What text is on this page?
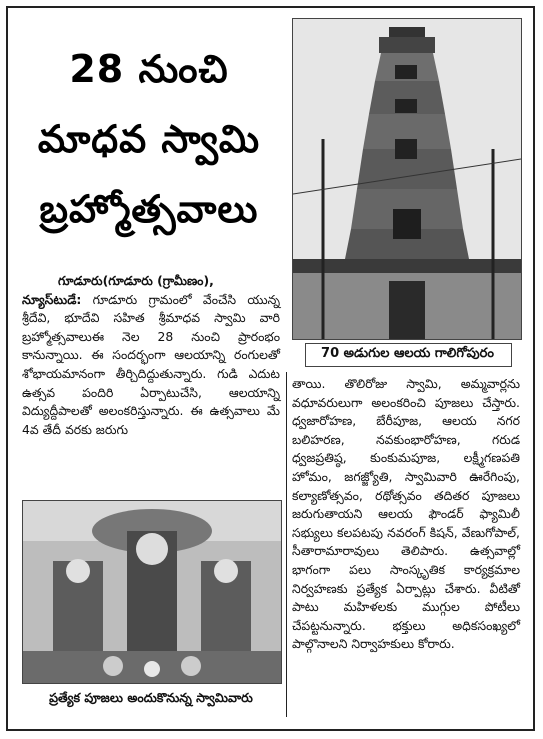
28 నుంచి
మాధవ స్వామి
బ్రహ్మోత్సవాలు
70 అడుగుల ఆలయ గాలిగోపురం

గూడూరు(గూడూరు (గ్రామీణం),

న్యూస్‌టుడే: గూడూరు గ్రామంలో వేంచేసి యున్న శ్రీదేవి, భూదేవి సహిత శ్రీమాధవ స్వామి వారి బ్రహ్మోత్సవాలుఈ నెల 28 నుంచి ప్రారంభం కానున్నాయి. ఈ సందర్భంగా ఆలయాన్ని రంగులతో శోభాయమానంగా తీర్చిదిద్దుతున్నారు. గుడి ఎదుట ఉత్సవ పందిరి ఏర్పాటుచేసి, ఆలయాన్ని విద్యుద్దీపాలతో అలంకరిస్తున్నారు. ఈ ఉత్సవాలు మే 4వ తేదీ వరకు జరుగు

ప్రత్యేక పూజలు అందుకొనున్న స్వామివారు

తాయి. తొలిరోజు స్వామి, అమ్మవార్లను వధూవరులుగా అలంకరించి పూజలు చేస్తారు. ధ్వజారోహణ, బేరీపూజ, ఆలయ నగర బలిహరణ, నవకుంభారోహణ, గరుడ ధ్వజప్రతిష్ఠ, కుంకుమపూజ, లక్ష్మీగణపతి హోమం, జగజ్జ్యోతి, స్వామివారి ఊరేగింపు, కల్యాణోత్సవం, రథోత్సవం తదితర పూజలు జరుగుతాయని ఆలయ ఫౌండర్ ఫ్యామిలీ సభ్యులు కలపటపు నవరంగ్ కిషన్, వేణుగోపాల్, సీతారామారావులు తెలిపారు. ఉత్సవాల్లో భాగంగా పలు సాంస్కృతిక కార్యక్రమాల నిర్వహణకు ప్రత్యేక ఏర్పాట్లు చేశారు. వీటితో పాటు మహిళలకు ముగ్గుల పోటీలు చేపట్టనున్నారు. భక్తులు అధికసంఖ్యలో పాల్గొనాలని నిర్వాహకులు కోరారు.
